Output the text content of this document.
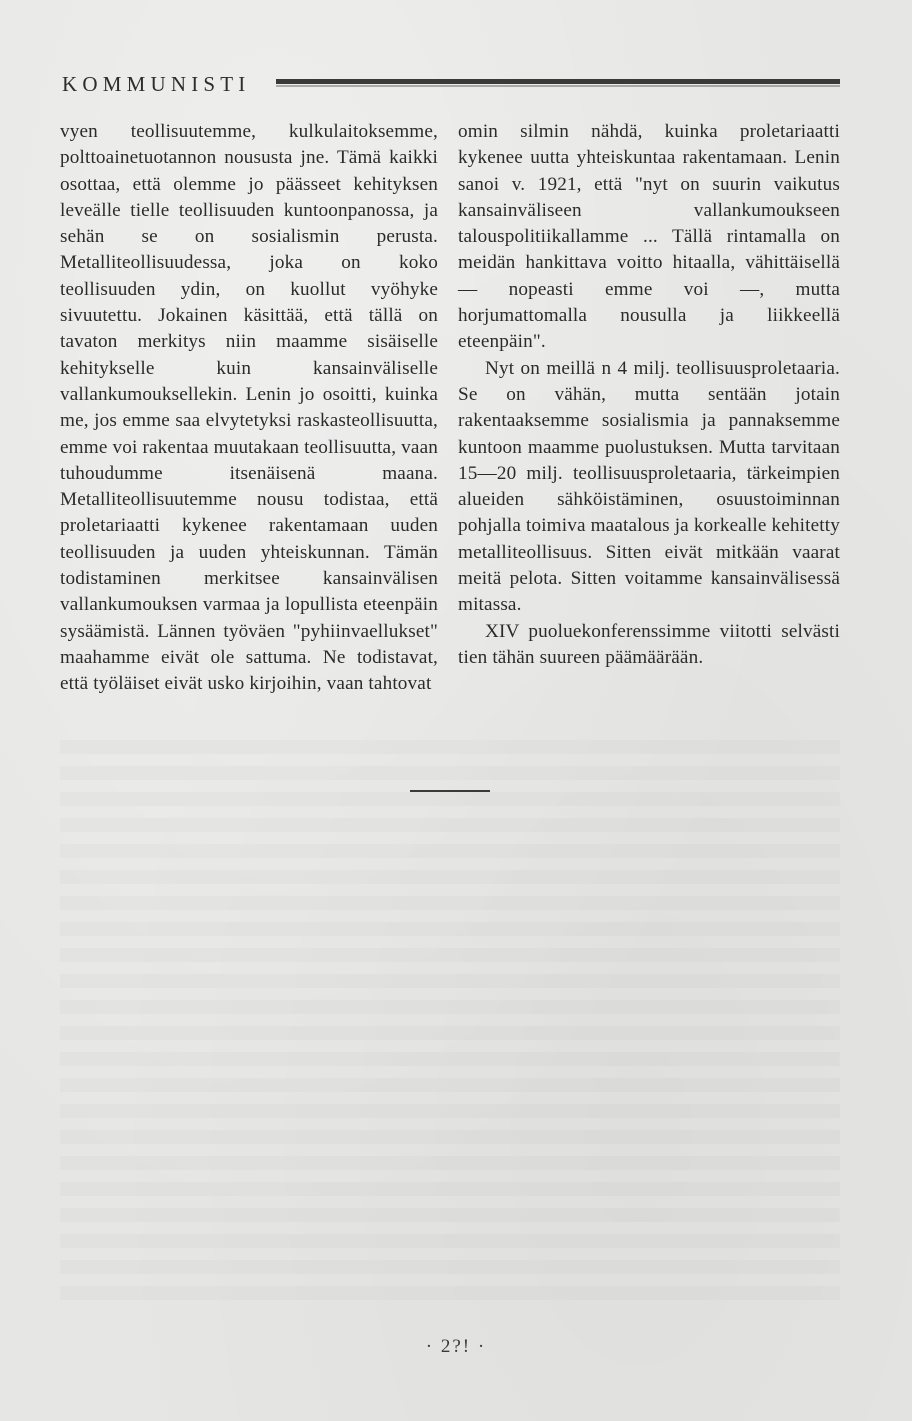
KOMMUNISTI

vyen teollisuutemme, kulkulaitoksemme, polttoainetuotannon noususta jne. Tämä kaikki osottaa, että olemme jo päässeet kehityksen leveälle tielle teollisuuden kuntoonpanossa, ja sehän se on sosialismin perusta. Metalliteollisuudessa, joka on koko teollisuuden ydin, on kuollut vyöhyke sivuutettu. Jokainen käsittää, että tällä on tavaton merkitys niin maamme sisäiselle kehitykselle kuin kansainväliselle vallankumouksellekin. Lenin jo osoitti, kuinka me, jos emme saa elvytetyksi raskasteollisuutta, emme voi rakentaa muutakaan teollisuutta, vaan tuhoudumme itsenäisenä maana. Metalliteollisuutemme nousu todistaa, että proletariaatti kykenee rakentamaan uuden teollisuuden ja uuden yhteiskunnan. Tämän todistaminen merkitsee kansainvälisen vallankumouksen varmaa ja lopullista eteenpäin sysäämistä. Lännen työväen "pyhiinvaellukset" maahamme eivät ole sattuma. Ne todistavat, että työläiset eivät usko kirjoihin, vaan tahtovat

omin silmin nähdä, kuinka proletariaatti kykenee uutta yhteiskuntaa rakentamaan. Lenin sanoi v. 1921, että "nyt on suurin vaikutus kansainväliseen vallankumoukseen talouspolitiikallamme ... Tällä rintamalla on meidän hankittava voitto hitaalla, vähittäisellä — nopeasti emme voi —, mutta horjumattomalla nousulla ja liikkeellä eteenpäin".

Nyt on meillä n 4 milj. teollisuusproletaaria. Se on vähän, mutta sentään jotain rakentaaksemme sosialismia ja pannaksemme kuntoon maamme puolustuksen. Mutta tarvitaan 15—20 milj. teollisuusproletaaria, tärkeimpien alueiden sähköistäminen, osuustoiminnan pohjalla toimiva maatalous ja korkealle kehitetty metalliteollisuus. Sitten eivät mitkään vaarat meitä pelota. Sitten voitamme kansainvälisessä mitassa.

XIV puoluekonferenssimme viitotti selvästi tien tähän suureen päämäärään.

· 2?! ·
